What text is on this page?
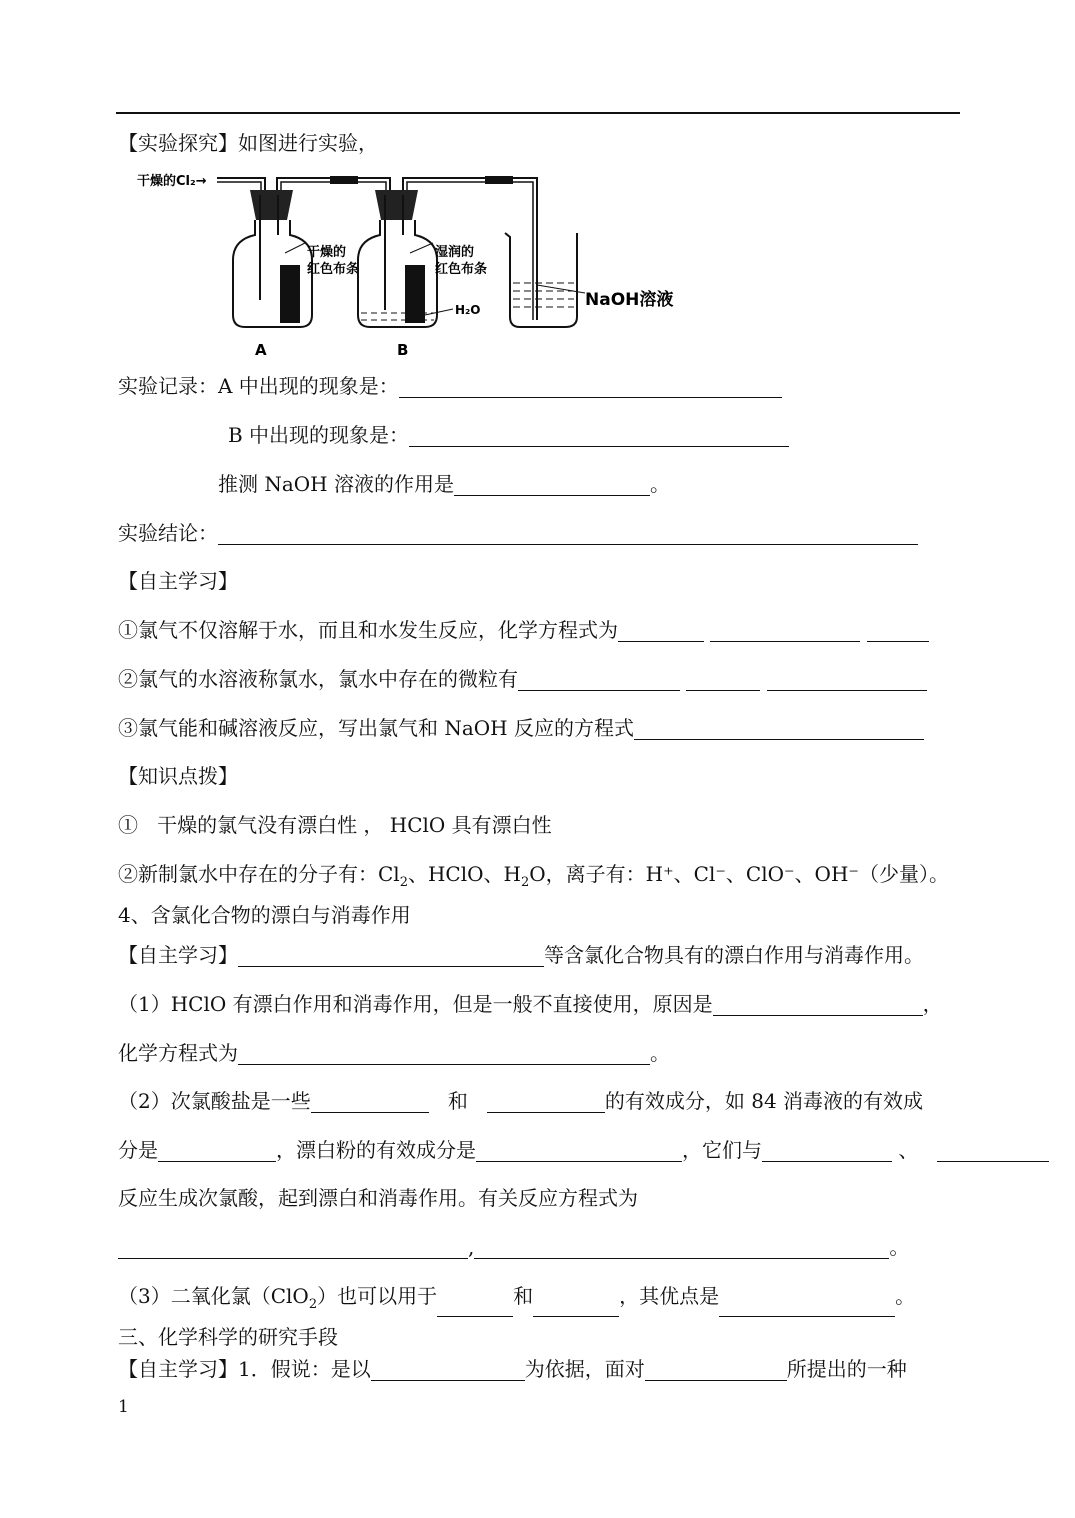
【实验探究】如图进行实验，
干燥的Cl₂→
干燥的
红色布条
湿润的
红色布条
H₂O	NaOH溶液
A	B
实验记录：A 中出现的现象是：
B 中出现的现象是：
推测 NaOH 溶液的作用是	。
实验结论：
【自主学习】
①氯气不仅溶解于水，而且和水发生反应，化学方程式为
②氯气的水溶液称氯水，氯水中存在的微粒有
③氯气能和碱溶液反应，写出氯气和 NaOH 反应的方程式
【知识点拨】
① 干燥的氯气没有漂白性 ， HClO 具有漂白性
②新制氯水中存在的分子有：$Cl_2$、HClO、$H_2O$，离子有：H⁺、Cl⁻、ClO⁻、OH⁻（少量）。
4、含氯化合物的漂白与消毒作用
【自主学习】	等含氯化合物具有的漂白作用与消毒作用。
（1）HClO 有漂白作用和消毒作用，但是一般不直接使用，原因是	，
化学方程式为	。
（2）次氯酸盐是一些	和	的有效成分，如 84 消毒液的有效成
分是	，漂白粉的有效成分是	，它们与	、
反应生成次氯酸，起到漂白和消毒作用。有关反应方程式为
,	。
（3）二氧化氯（ClO$_2$）也可以用于	和	，其优点是	。
三、化学科学的研究手段
【自主学习】1．假说：是以	为依据，面对	所提出的一种
1
